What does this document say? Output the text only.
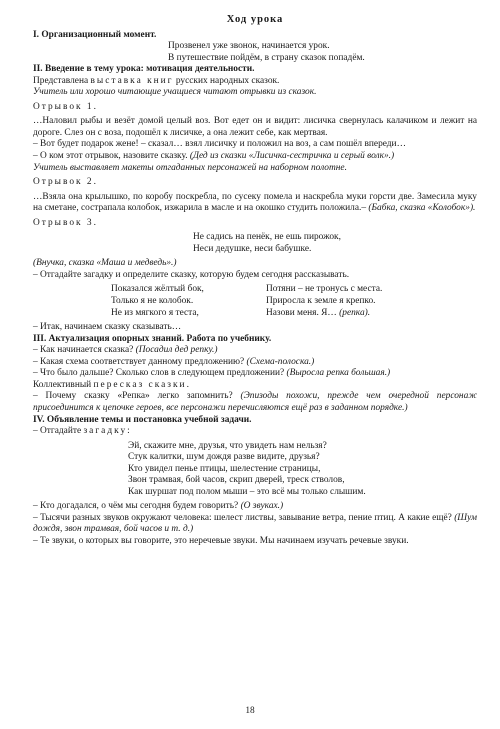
Ход урока

I. Организационный момент.

Прозвенел уже звонок, начинается урок.
В путешествие пойдём, в страну сказок попадём.

II. Введение в тему урока: мотивация деятельности.

Представлена выставка книг русских народных сказок.

Учитель или хорошо читающие учащиеся читают отрывки из сказок.

Отрывок 1.

…Наловил рыбы и везёт домой целый воз. Вот едет он и видит: лисичка свернулась калачиком и лежит на дороге. Слез он с воза, подошёл к лисичке, а она лежит себе, как мертвая.

– Вот будет подарок жене! – сказал… взял лисичку и положил на воз, а сам пошёл впереди…

– О ком этот отрывок, назовите сказку. (Дед из сказки «Лисичка-сестричка и серый волк».)

Учитель выставляет макеты отгаданных персонажей на наборном полотне.

Отрывок 2.

…Взяла она крылышко, по коробу поскребла, по сусеку помела и наскребла муки горсти две. Замесила муку на сметане, сострапала колобок, изжарила в масле и на окошко студить положила.– (Бабка, сказка «Колобок»).

Отрывок 3.

Не садись на пенёк, не ешь пирожок,
Неси дедушке, неси бабушке.

(Внучка, сказка «Маша и медведь».)

– Отгадайте загадку и определите сказку, которую будем сегодня рассказывать.

Показался жёлтый бок,
Только я не колобок.
Не из мягкого я теста,
Потяни – не тронусь с места.
Приросла к земле я крепко.
Назови меня. Я… (репка).

– Итак, начинаем сказку сказывать…

III. Актуализация опорных знаний. Работа по учебнику.

– Как начинается сказка? (Посадил дед репку.)

– Какая схема соответствует данному предложению? (Схема-полоска.)

– Что было дальше? Сколько слов в следующем предложении? (Выросла репка большая.)

Коллективный пересказ сказки.

– Почему сказку «Репка» легко запомнить? (Эпизоды похожи, прежде чем очередной персонаж присоединится к цепочке героев, все персонажи перечисляются ещё раз в заданном порядке.)

IV. Объявление темы и постановка учебной задачи.

– Отгадайте загадку:

Эй, скажите мне, друзья, что увидеть нам нельзя?
Стук калитки, шум дождя разве видите, друзья?
Кто увидел пенье птицы, шелестение страницы,
Звон трамвая, бой часов, скрип дверей, треск стволов,
Как шуршат под полом мыши – это всё мы только слышим.

– Кто догадался, о чём мы сегодня будем говорить? (О звуках.)

– Тысячи разных звуков окружают человека: шелест листвы, завывание ветра, пение птиц. А какие ещё? (Шум дождя, звон трамвая, бой часов и т. д.)

– Те звуки, о которых вы говорите, это неречевые звуки. Мы начинаем изучать речевые звуки.

18
